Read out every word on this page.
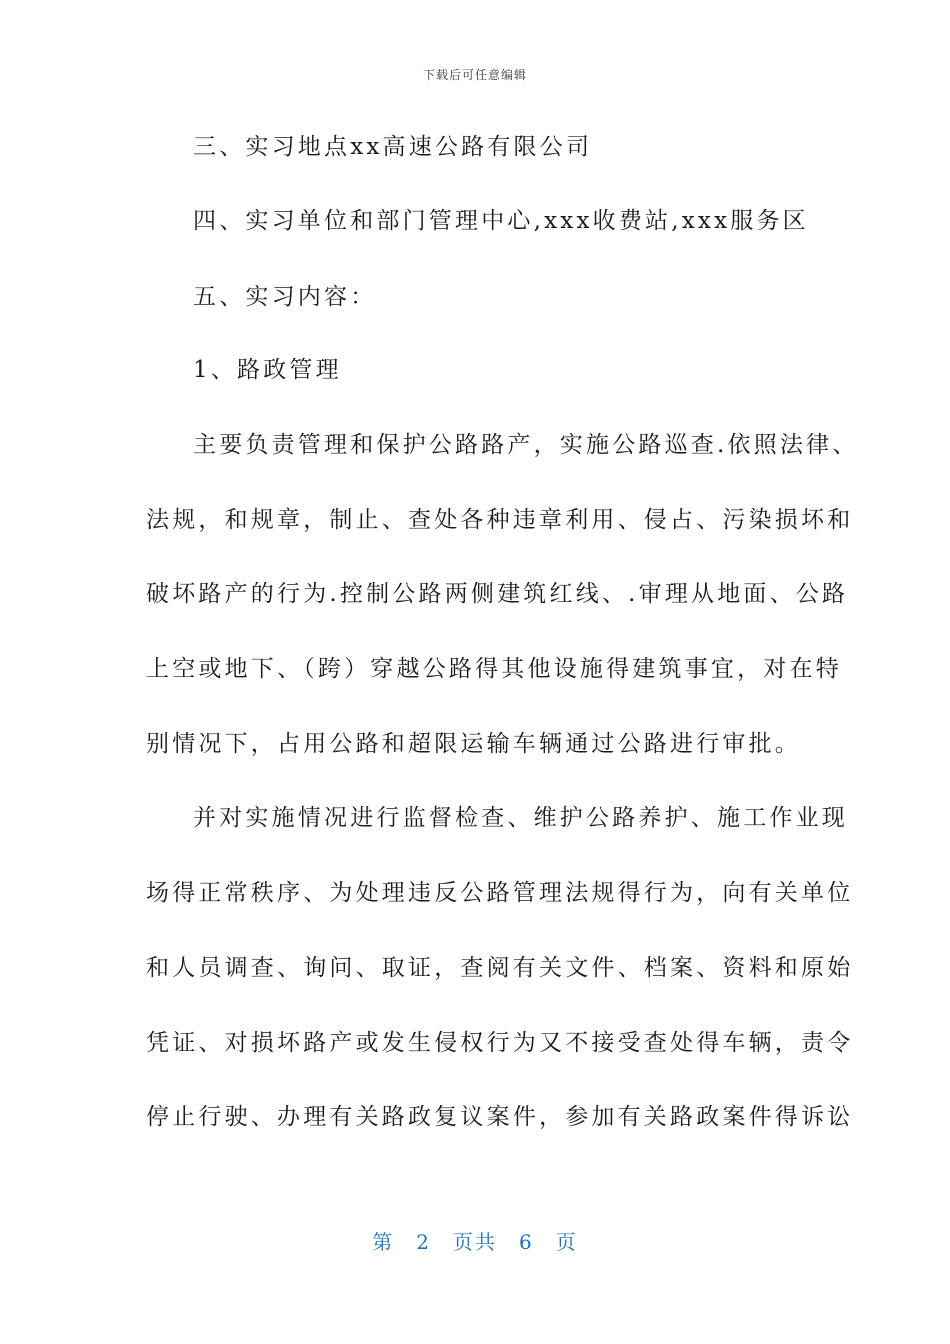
下载后可任意编辑
三、实习地点xx高速公路有限公司
四、实习单位和部门管理中心,xxx收费站,xxx服务区
五、实习内容：
1、路政管理
主要负责管理和保护公路路产，实施公路巡查.依照法律、
法规，和规章，制止、查处各种违章利用、侵占、污染损坏和
破坏路产的行为.控制公路两侧建筑红线、.审理从地面、公路
上空或地下、（跨）穿越公路得其他设施得建筑事宜，对在特
别情况下，占用公路和超限运输车辆通过公路进行审批。
并对实施情况进行监督检查、维护公路养护、施工作业现
场得正常秩序、为处理违反公路管理法规得行为，向有关单位
和人员调查、询问、取证，查阅有关文件、档案、资料和原始
凭证、对损坏路产或发生侵权行为又不接受查处得车辆，责令
停止行驶、办理有关路政复议案件，参加有关路政案件得诉讼
第 2 页共 6 页
